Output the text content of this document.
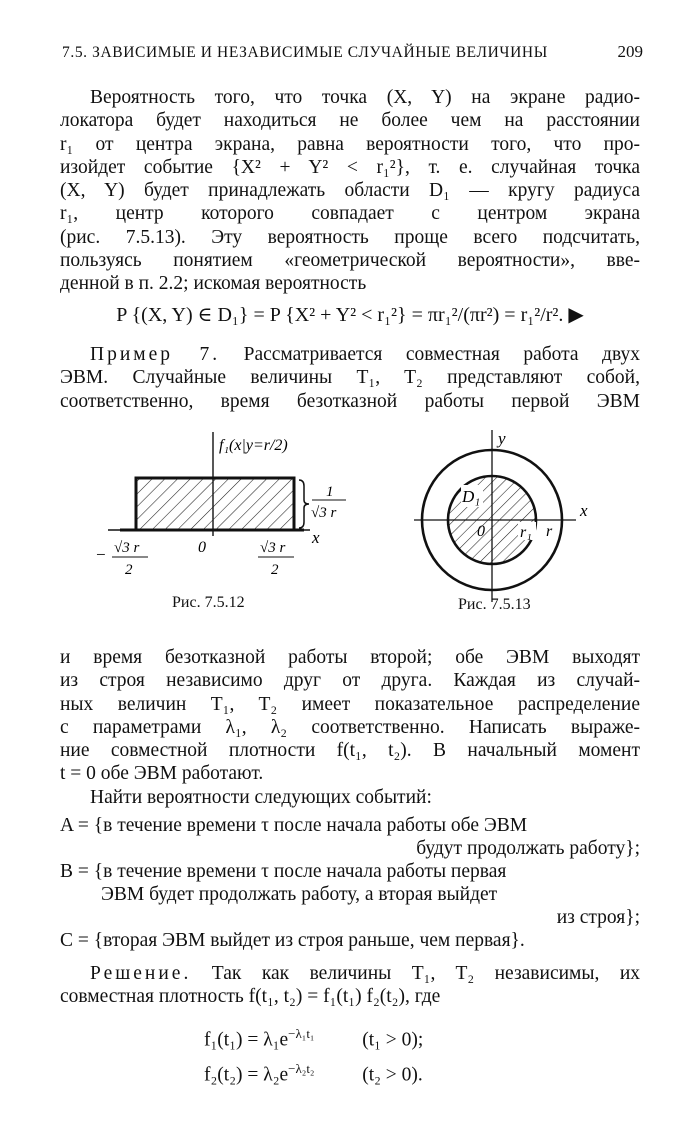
7.5. ЗАВИСИМЫЕ И НЕЗАВИСИМЫЕ СЛУЧАЙНЫЕ ВЕЛИЧИНЫ	209
Вероятность того, что точка (X, Y) на экране радио-
локатора будет находиться не более чем на расстоянии
r₁ от центра экрана, равна вероятности того, что про-
изойдет событие {X² + Y² < r₁²}, т. е. случайная точка
(X, Y) будет принадлежать области D₁ — кругу радиуса
r₁, центр которого совпадает с центром экрана
(рис. 7.5.13). Эту вероятность проще всего подсчитать,
пользуясь понятием «геометрической вероятности», вве-
денной в п. 2.2; искомая вероятность
P {(X, Y) ∈ D₁} = P {X² + Y² < r₁²} = πr₁²/(πr²) = r₁²/r². ▶
Пример 7. Рассматривается совместная работа двух
ЭВМ. Случайные величины T₁, T₂ представляют собой,
соответственно, время безотказной работы первой ЭВМ
f₁(x|y=r/2)
1
√3 r
x
0
− √3 r
2
√3 r
2
Рис. 7.5.12
D₁
y
x
0 r₁ r
Рис. 7.5.13
и время безотказной работы второй; обе ЭВМ выходят
из строя независимо друг от друга. Каждая из случай-
ных величин T₁, T₂ имеет показательное распределение
с параметрами λ₁, λ₂ соответственно. Написать выраже-
ние совместной плотности f(t₁, t₂). В начальный момент
t = 0 обе ЭВМ работают.
Найти вероятности следующих событий:
A = {в течение времени τ после начала работы обе ЭВМ
будут продолжать работу};
B = {в течение времени τ после начала работы первая
ЭВМ будет продолжать работу, а вторая выйдет
из строя};
C = {вторая ЭВМ выйдет из строя раньше, чем первая}.
Решение. Так как величины T₁, T₂ независимы, их
совместная плотность f(t₁, t₂) = f₁(t₁) f₂(t₂), где
$f_1(t_1) = \lambda_1e^{-\lambda_1t_1}$ (t₁ > 0);
$f_2(t_2) = \lambda_2e^{-\lambda_2t_2}$ (t₂ > 0).
